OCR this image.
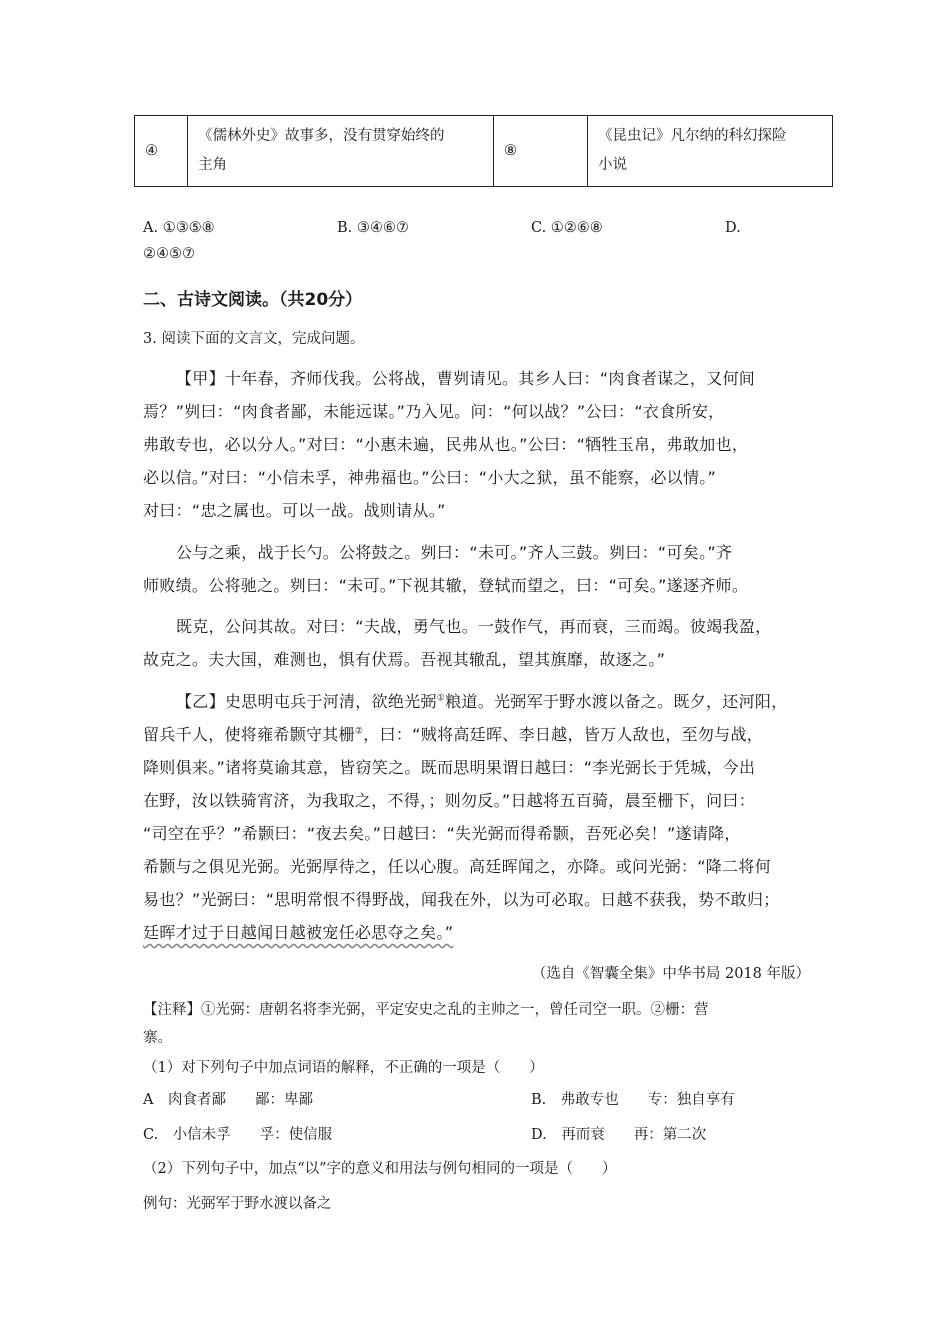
④	《儒林外史》故事多，没有贯穿始终的
主角	⑧	《昆虫记》凡尔纳的科幻探险
小说
A. ①③⑤⑧	B. ③④⑥⑦	C. ①②⑥⑧	D.
②④⑤⑦
二、古诗文阅读。（共20分）
3. 阅读下面的文言文，完成问题。
【甲】十年春，齐师伐我。公将战，曹刿请见。其乡人曰：“肉食者谋之，又何间
焉？”刿曰：“肉食者鄙，未能远谋。”乃入见。问：“何以战？”公曰：“衣食所安，
弗敢专也，必以分人。”对曰：“小惠未遍，民弗从也。”公曰：“牺牲玉帛，弗敢加也，
必以信。”对曰：“小信未孚，神弗福也。”公曰：“小大之狱，虽不能察，必以情。”
对曰：“忠之属也。可以一战。战则请从。”
公与之乘，战于长勺。公将鼓之。刿曰：“未可。”齐人三鼓。刿曰：“可矣。”齐
师败绩。公将驰之。刿曰：“未可。”下视其辙，登轼而望之，曰：“可矣。”遂逐齐师。
既克，公问其故。对曰：“夫战，勇气也。一鼓作气，再而衰，三而竭。彼竭我盈，
故克之。夫大国，难测也，惧有伏焉。吾视其辙乱，望其旗靡，故逐之。”
【乙】史思明屯兵于河清，欲绝光弼①粮道。光弼军于野水渡以备之。既夕，还河阳，
留兵千人，使将雍希颢守其栅②，曰：“贼将高廷晖、李日越，皆万人敌也，至勿与战，
降则俱来。”诸将莫谕其意，皆窃笑之。既而思明果谓日越曰：“李光弼长于凭城，今出
在野，汝以铁骑宵济，为我取之，不得，；则勿反。”日越将五百骑，晨至栅下，问曰：
“司空在乎？”希颢曰：“夜去矣。”日越曰：“失光弼而得希颢，吾死必矣！”遂请降，
希颢与之俱见光弼。光弼厚待之，任以心腹。高廷晖闻之，亦降。或问光弼：“降二将何
易也？”光弼曰：“思明常恨不得野战，闻我在外，以为可必取。日越不获我，势不敢归；
廷晖才过于日越闻日越被宠任必思夺之矣。”
（选自《智囊全集》中华书局 2018 年版）
【注释】①光弼：唐朝名将李光弼，平定安史之乱的主帅之一，曾任司空一职。②栅：营
寨。
（1）对下列句子中加点词语的解释，不正确的一项是（　　）
A　肉食者鄙　　鄙：卑鄙	B.　弗敢专也　　专：独自享有
C.　小信未孚　　孚：使信服	D.　再而衰　　再：第二次
（2）下列句子中，加点“以”字的意义和用法与例句相同的一项是（　　）
例句：光弼军于野水渡以备之
